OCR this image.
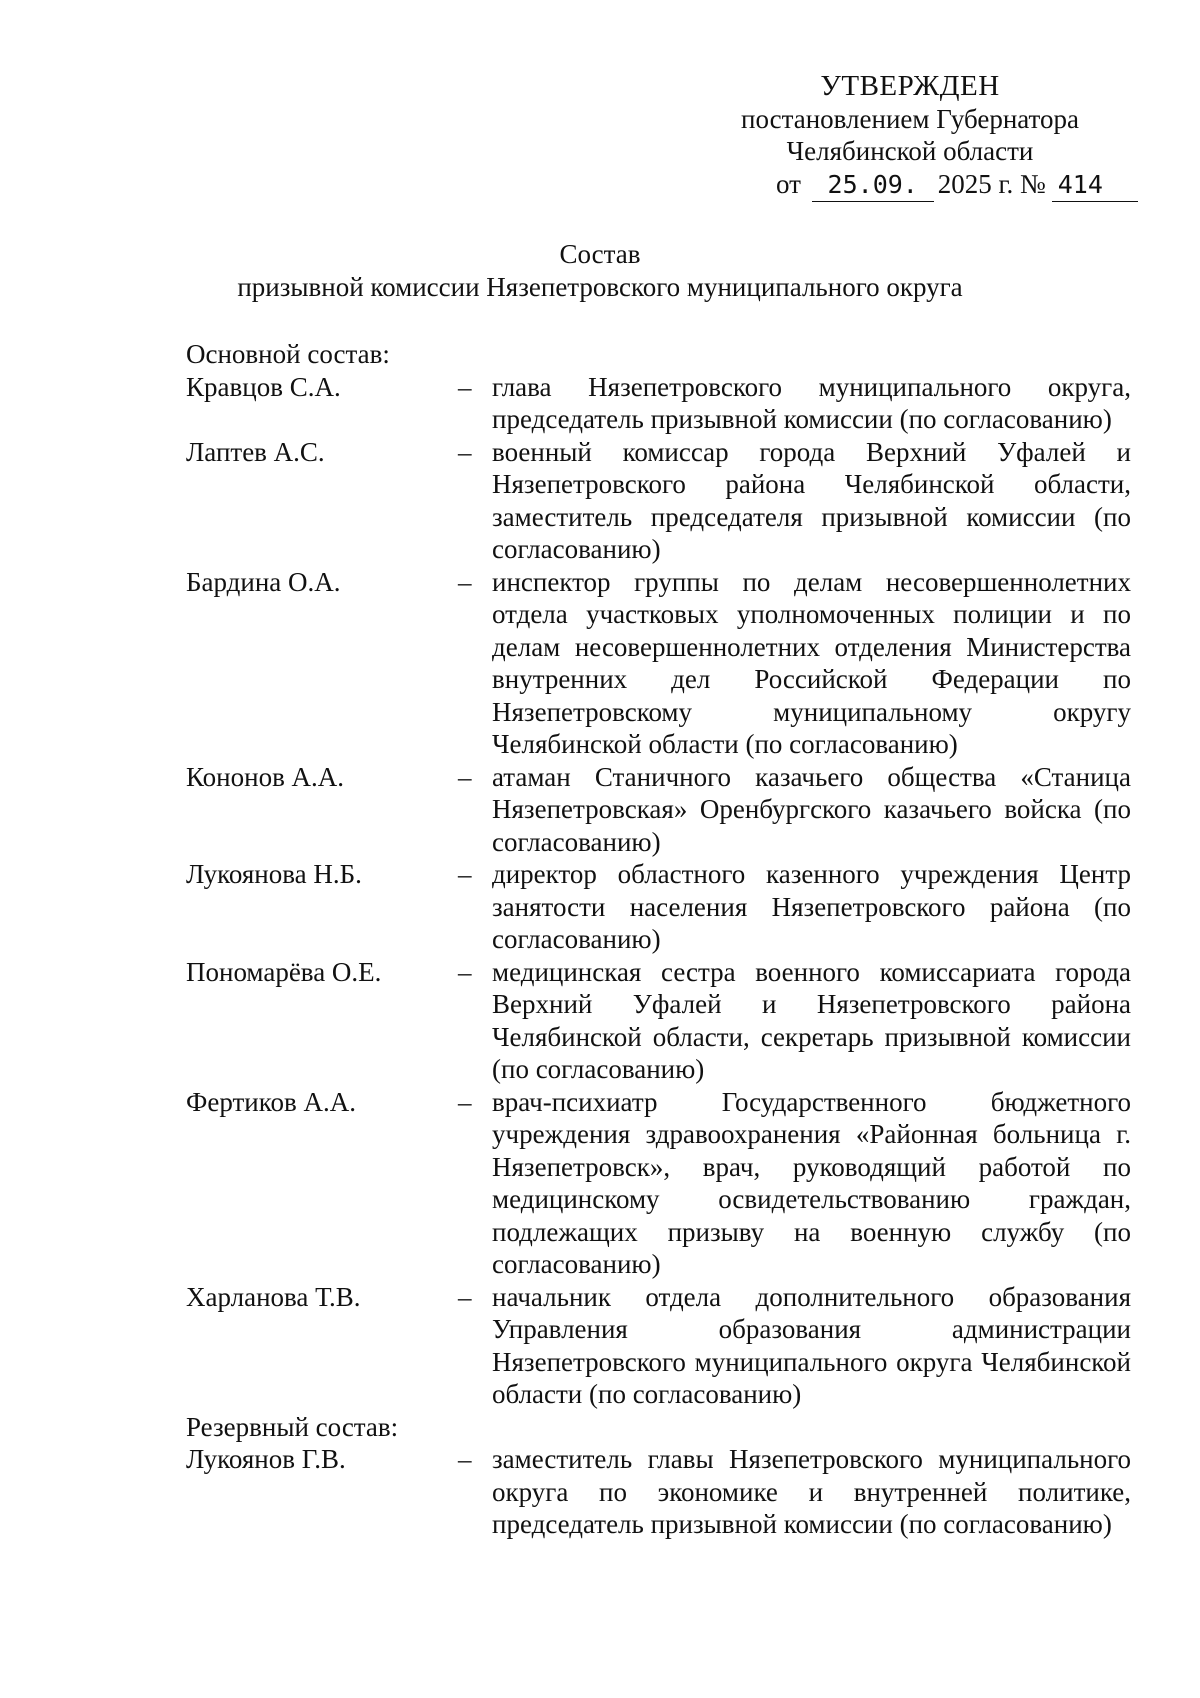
УТВЕРЖДЕН
постановлением Губернатора
Челябинской области
от 25.09. 2025 г. № 414
Состав
призывной комиссии Нязепетровского муниципального округа
Основной состав:
Кравцов С.А.	– глава Нязепетровского муниципального округа, председатель призывной комиссии (по согласованию)
Лаптев А.С.	– военный комиссар города Верхний Уфалей и Нязепетровского района Челябинской области, заместитель председателя призывной комиссии (по согласованию)
Бардина О.А.	– инспектор группы по делам несовершеннолетних отдела участковых уполномоченных полиции и по делам несовершеннолетних отделения Министерства внутренних дел Российской Федерации по Нязепетровскому муниципальному округу Челябинской области (по согласованию)
Кононов А.А.	– атаман Станичного казачьего общества «Станица Нязепетровская» Оренбургского казачьего войска (по согласованию)
Лукоянова Н.Б.	– директор областного казенного учреждения Центр занятости населения Нязепетровского района (по согласованию)
Пономарёва О.Е.	– медицинская сестра военного комиссариата города Верхний Уфалей и Нязепетровского района Челябинской области, секретарь призывной комиссии (по согласованию)
Фертиков А.А.	– врач-психиатр Государственного бюджетного учреждения здравоохранения «Районная больница г. Нязепетровск», врач, руководящий работой по медицинскому освидетельствованию граждан, подлежащих призыву на военную службу (по согласованию)
Харланова Т.В.	– начальник отдела дополнительного образования Управления образования администрации Нязепетровского муниципального округа Челябинской области (по согласованию)
Резервный состав:
Лукоянов Г.В.	– заместитель главы Нязепетровского муниципального округа по экономике и внутренней политике, председатель призывной комиссии (по согласованию)
